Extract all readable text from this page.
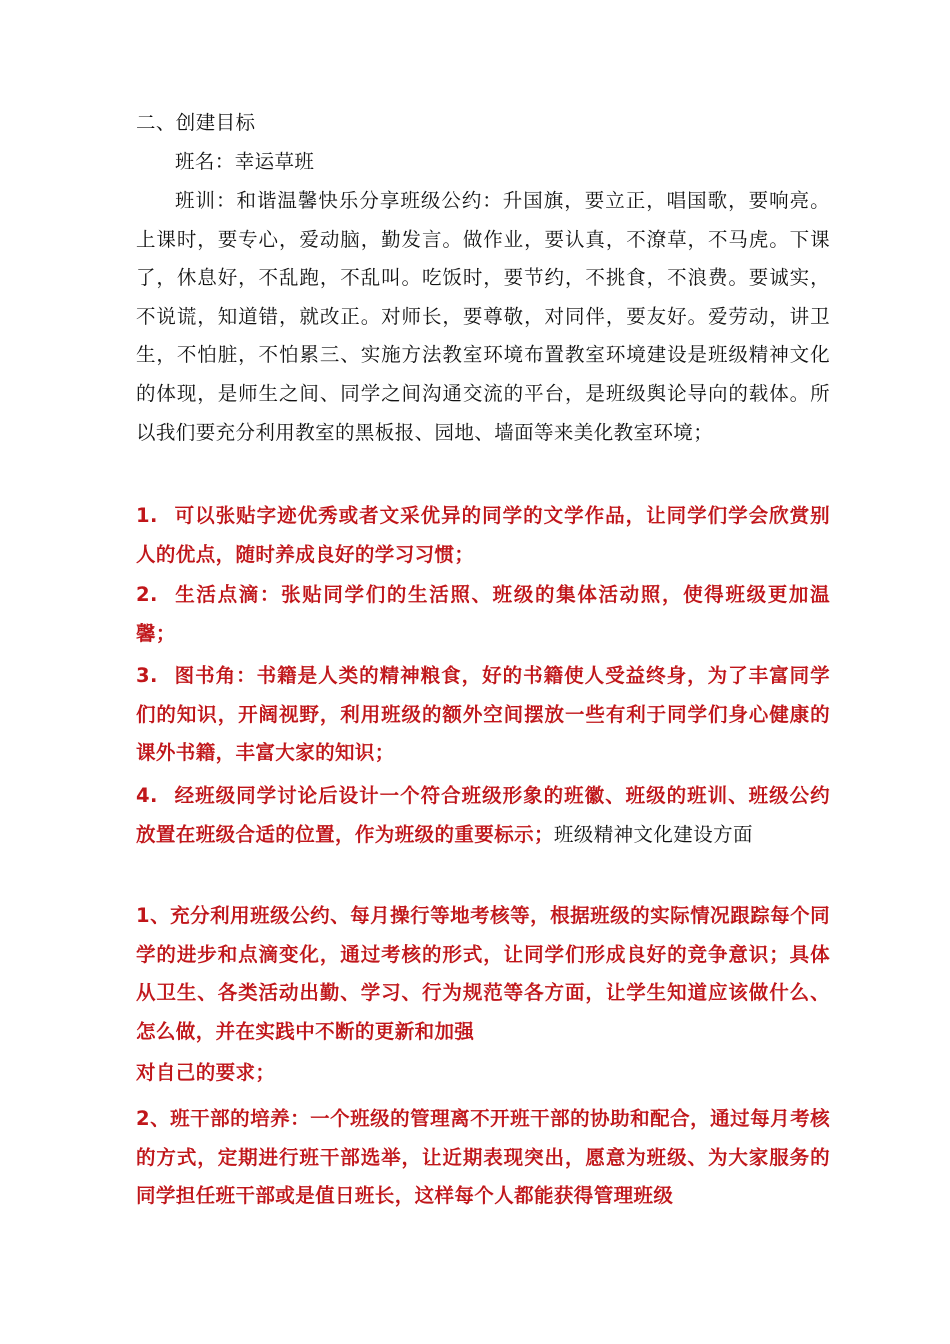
二、创建目标
班名：幸运草班
班训：和谐温馨快乐分享班级公约：升国旗，要立正，唱国歌，要响亮。上课时，要专心，爱动脑，勤发言。做作业，要认真，不潦草，不马虎。下课了，休息好，不乱跑，不乱叫。吃饭时，要节约，不挑食，不浪费。要诚实，不说谎，知道错，就改正。对师长，要尊敬，对同伴，要友好。爱劳动，讲卫生，不怕脏，不怕累三、实施方法教室环境布置教室环境建设是班级精神文化的体现，是师生之间、同学之间沟通交流的平台，是班级舆论导向的载体。所以我们要充分利用教室的黑板报、园地、墙面等来美化教室环境；
1. 可以张贴字迹优秀或者文采优异的同学的文学作品，让同学们学会欣赏别人的优点，随时养成良好的学习习惯；
2. 生活点滴：张贴同学们的生活照、班级的集体活动照，使得班级更加温馨；
3. 图书角：书籍是人类的精神粮食，好的书籍使人受益终身，为了丰富同学们的知识，开阔视野，利用班级的额外空间摆放一些有利于同学们身心健康的课外书籍，丰富大家的知识；
4. 经班级同学讨论后设计一个符合班级形象的班徽、班级的班训、班级公约放置在班级合适的位置，作为班级的重要标示；班级精神文化建设方面
1、充分利用班级公约、每月操行等地考核等，根据班级的实际情况跟踪每个同学的进步和点滴变化，通过考核的形式，让同学们形成良好的竞争意识；具体从卫生、各类活动出勤、学习、行为规范等各方面，让学生知道应该做什么、怎么做，并在实践中不断的更新和加强
对自己的要求；
2、班干部的培养：一个班级的管理离不开班干部的协助和配合，通过每月考核的方式，定期进行班干部选举，让近期表现突出，愿意为班级、为大家服务的同学担任班干部或是值日班长，这样每个人都能获得管理班级
